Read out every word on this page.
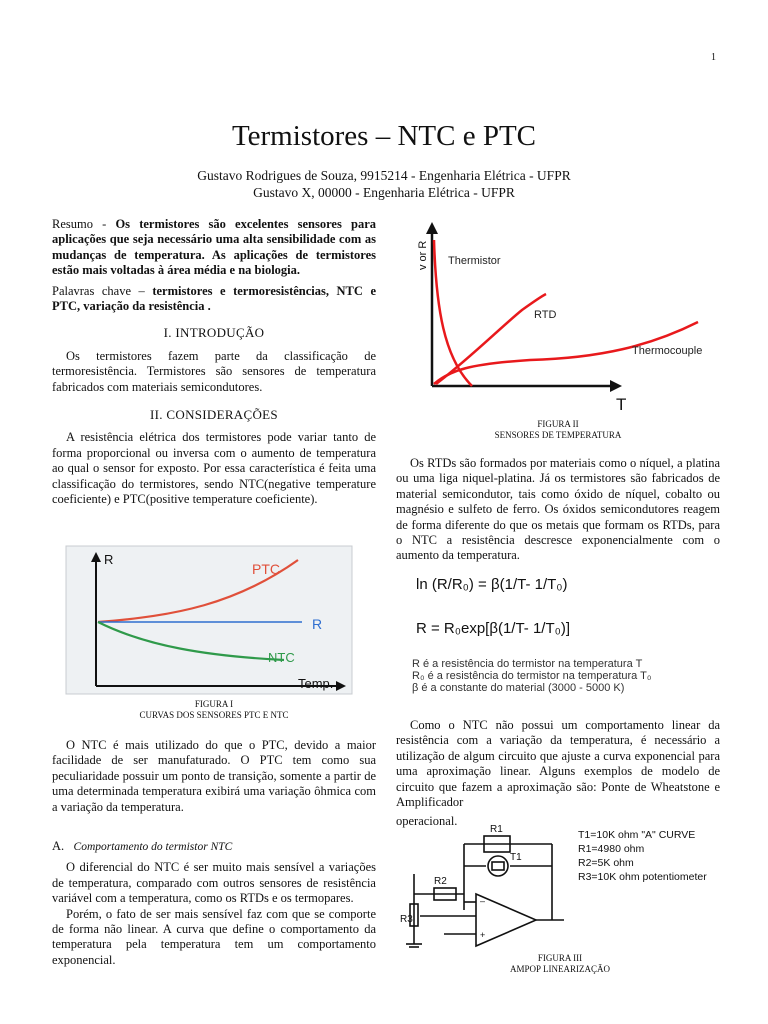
1
Termistores – NTC e PTC
Gustavo Rodrigues de Souza, 9915214 - Engenharia Elétrica - UFPR
Gustavo X, 00000 - Engenharia Elétrica - UFPR

Resumo - Os termistores são excelentes sensores para aplicações que seja necessário uma alta sensibilidade com as mudanças de temperatura. As aplicações de termistores estão mais voltadas à área média e na biologia.

Palavras chave – termistores e termoresistências, NTC e PTC, variação da resistência .

I. INTRODUÇÃO

Os termistores fazem parte da classificação de termoresistência. Termistores são sensores de temperatura fabricados com materiais semicondutores.

II. CONSIDERAÇÕES

A resistência elétrica dos termistores pode variar tanto de forma proporcional ou inversa com o aumento de temperatura ao qual o sensor for exposto. Por essa característica é feita uma classificação do termistores, sendo NTC(negative temperature coeficiente) e PTC(positive temperature coeficiente).

R
PTC
R
NTC
Temp.
FIGURA I
CURVAS DOS SENSORES PTC E NTC

O NTC é mais utilizado do que o PTC, devido a maior facilidade de ser manufaturado. O PTC tem como sua peculiaridade possuir um ponto de transição, somente a partir de uma determinada temperatura exibirá uma variação ôhmica com a variação da temperatura.

A. Comportamento do termistor NTC

O diferencial do NTC é ser muito mais sensível a variações de temperatura, comparado com outros sensores de resistência variável com a temperatura, como os RTDs e os termopares.

Porém, o fato de ser mais sensível faz com que se comporte de forma não linear. A curva que define o comportamento da temperatura pela temperatura tem um comportamento exponencial.

v or R
T
Thermistor
RTD
Thermocouple
FIGURA II
SENSORES DE TEMPERATURA

Os RTDs são formados por materiais como o níquel, a platina ou uma liga niquel-platina. Já os termistores são fabricados de material semicondutor, tais como óxido de níquel, cobalto ou magnésio e sulfeto de ferro. Os óxidos semicondutores reagem de forma diferente do que os metais que formam os RTDs, para o NTC a resistência descresce exponencialmente com o aumento da temperatura.

ln (R/R₀) = β(1/T- 1/T₀)
R = R₀exp[β(1/T- 1/T₀)]
R é a resistência do termistor na temperatura T
R₀ é a resistência do termistor na temperatura T₀
β é a constante do material (3000 - 5000 K)

Como o NTC não possui um comportamento linear da resistência com a variação da temperatura, é necessário a utilização de algum circuito que ajuste a curva exponencial para uma aproximação linear. Alguns exemplos de modelo de circuito que fazem a aproximação são: Ponte de Wheatstone e Amplificador

operacional.

–
+
R1
T1
R2
R3
T1=10K ohm "A" CURVE
R1=4980 ohm
R2=5K ohm
R3=10K ohm potentiometer
FIGURA III
AMPOP LINEARIZAÇÃO
